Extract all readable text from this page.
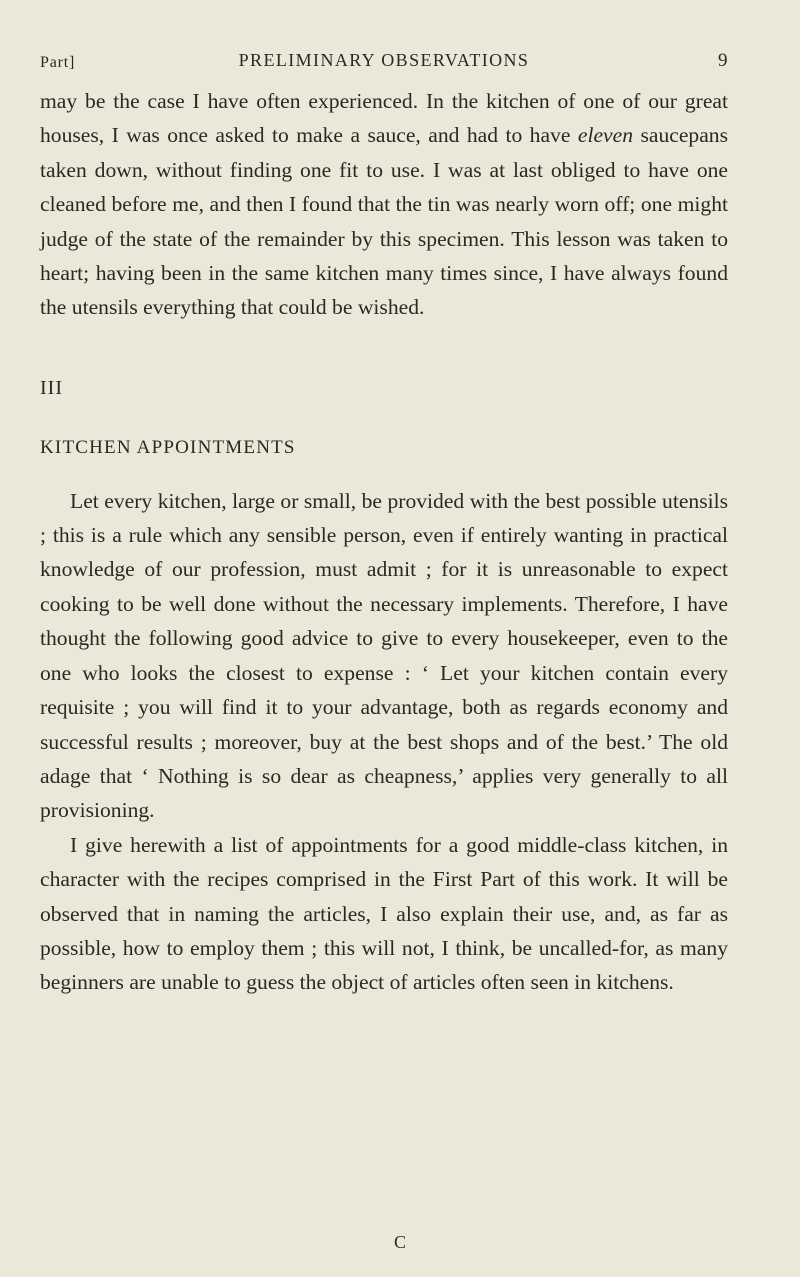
Part]	PRELIMINARY OBSERVATIONS	9

may be the case I have often experienced. In the kitchen of one of our great houses, I was once asked to make a sauce, and had to have eleven saucepans taken down, without finding one fit to use. I was at last obliged to have one cleaned before me, and then I found that the tin was nearly worn off; one might judge of the state of the remainder by this specimen. This lesson was taken to heart; having been in the same kitchen many times since, I have always found the utensils everything that could be wished.

III

KITCHEN APPOINTMENTS

Let every kitchen, large or small, be provided with the best possible utensils ; this is a rule which any sensible person, even if entirely wanting in practical knowledge of our profession, must admit ; for it is unreasonable to expect cooking to be well done without the necessary implements. Therefore, I have thought the following good advice to give to every housekeeper, even to the one who looks the closest to expense : ‘ Let your kitchen contain every requisite ; you will find it to your advantage, both as regards economy and successful results ; moreover, buy at the best shops and of the best.’ The old adage that ‘ Nothing is so dear as cheapness,’ applies very generally to all provisioning.

I give herewith a list of appointments for a good middle-class kitchen, in character with the recipes comprised in the First Part of this work. It will be observed that in naming the articles, I also explain their use, and, as far as possible, how to employ them ; this will not, I think, be uncalled-for, as many beginners are unable to guess the object of articles often seen in kitchens.

C
